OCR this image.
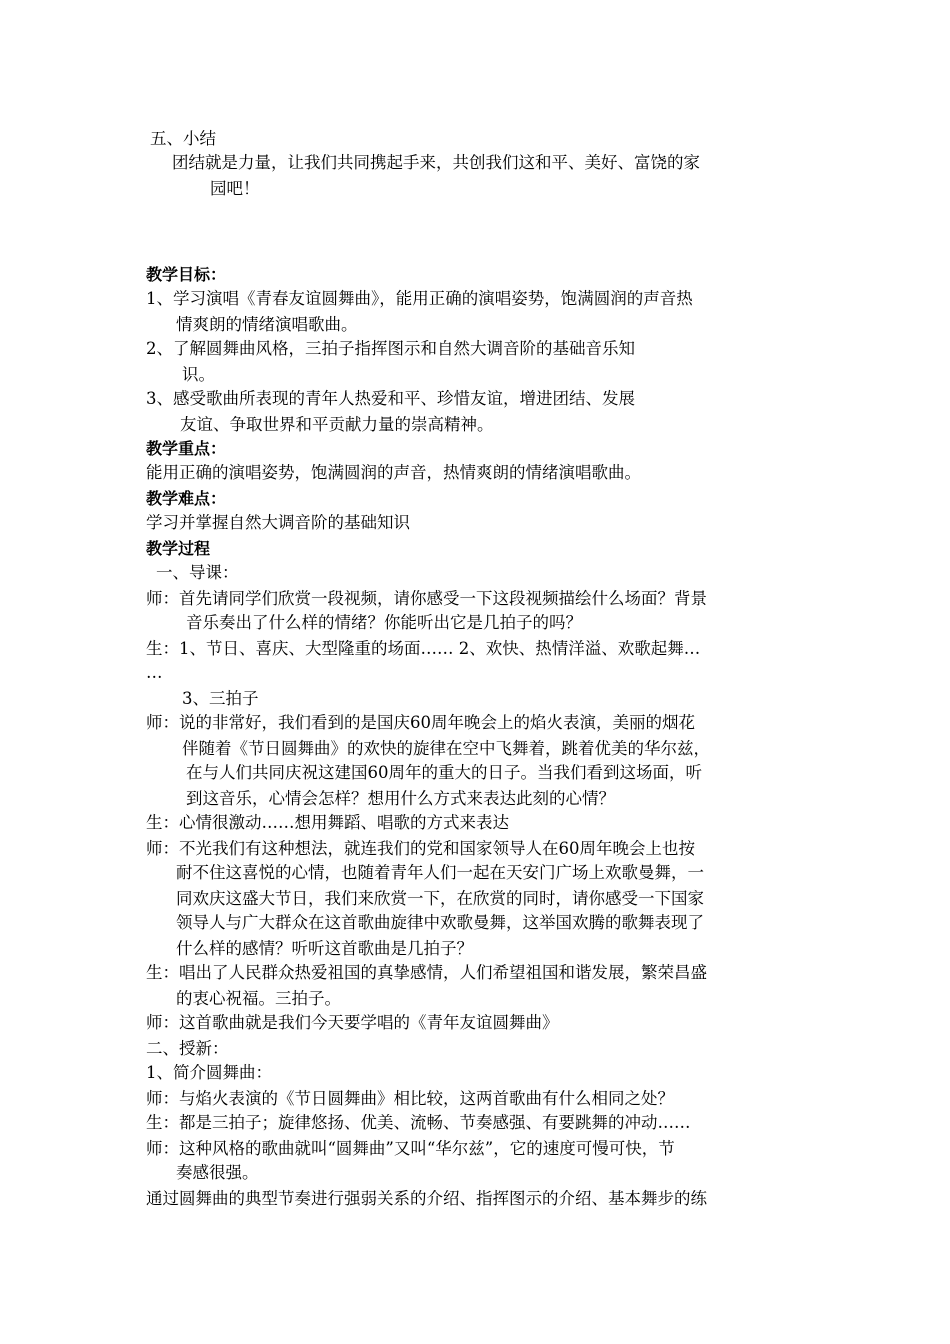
五、小结
团结就是力量，让我们共同携起手来，共创我们这和平、美好、富饶的家
园吧！
教学目标：
1、学习演唱《青春友谊圆舞曲》，能用正确的演唱姿势，饱满圆润的声音热
情爽朗的情绪演唱歌曲。
2、了解圆舞曲风格，三拍子指挥图示和自然大调音阶的基础音乐知
识。
3、感受歌曲所表现的青年人热爱和平、珍惜友谊，增进团结、发展
友谊、争取世界和平贡献力量的崇高精神。
教学重点：
能用正确的演唱姿势，饱满圆润的声音，热情爽朗的情绪演唱歌曲。
教学难点：
学习并掌握自然大调音阶的基础知识
教学过程
一、导课：
师：首先请同学们欣赏一段视频，请你感受一下这段视频描绘什么场面？背景
音乐奏出了什么样的情绪？你能听出它是几拍子的吗？
生：1、节日、喜庆、大型隆重的场面…… 2、欢快、热情洋溢、欢歌起舞…
…
3、三拍子
师：说的非常好，我们看到的是国庆60周年晚会上的焰火表演，美丽的烟花
伴随着《节日圆舞曲》的欢快的旋律在空中飞舞着，跳着优美的华尔兹，
在与人们共同庆祝这建国60周年的重大的日子。当我们看到这场面，听
到这音乐，心情会怎样？想用什么方式来表达此刻的心情？
生：心情很激动……想用舞蹈、唱歌的方式来表达
师：不光我们有这种想法，就连我们的党和国家领导人在60周年晚会上也按
耐不住这喜悦的心情，也随着青年人们一起在天安门广场上欢歌曼舞，一
同欢庆这盛大节日，我们来欣赏一下，在欣赏的同时，请你感受一下国家
领导人与广大群众在这首歌曲旋律中欢歌曼舞，这举国欢腾的歌舞表现了
什么样的感情？听听这首歌曲是几拍子？
生：唱出了人民群众热爱祖国的真挚感情，人们希望祖国和谐发展，繁荣昌盛
的衷心祝福。三拍子。
师：这首歌曲就是我们今天要学唱的《青年友谊圆舞曲》
二、授新：
1、简介圆舞曲：
师：与焰火表演的《节日圆舞曲》相比较，这两首歌曲有什么相同之处？
生：都是三拍子；旋律悠扬、优美、流畅、节奏感强、有要跳舞的冲动……
师：这种风格的歌曲就叫“圆舞曲”又叫“华尔兹”，它的速度可慢可快，节
奏感很强。
通过圆舞曲的典型节奏进行强弱关系的介绍、指挥图示的介绍、基本舞步的练
